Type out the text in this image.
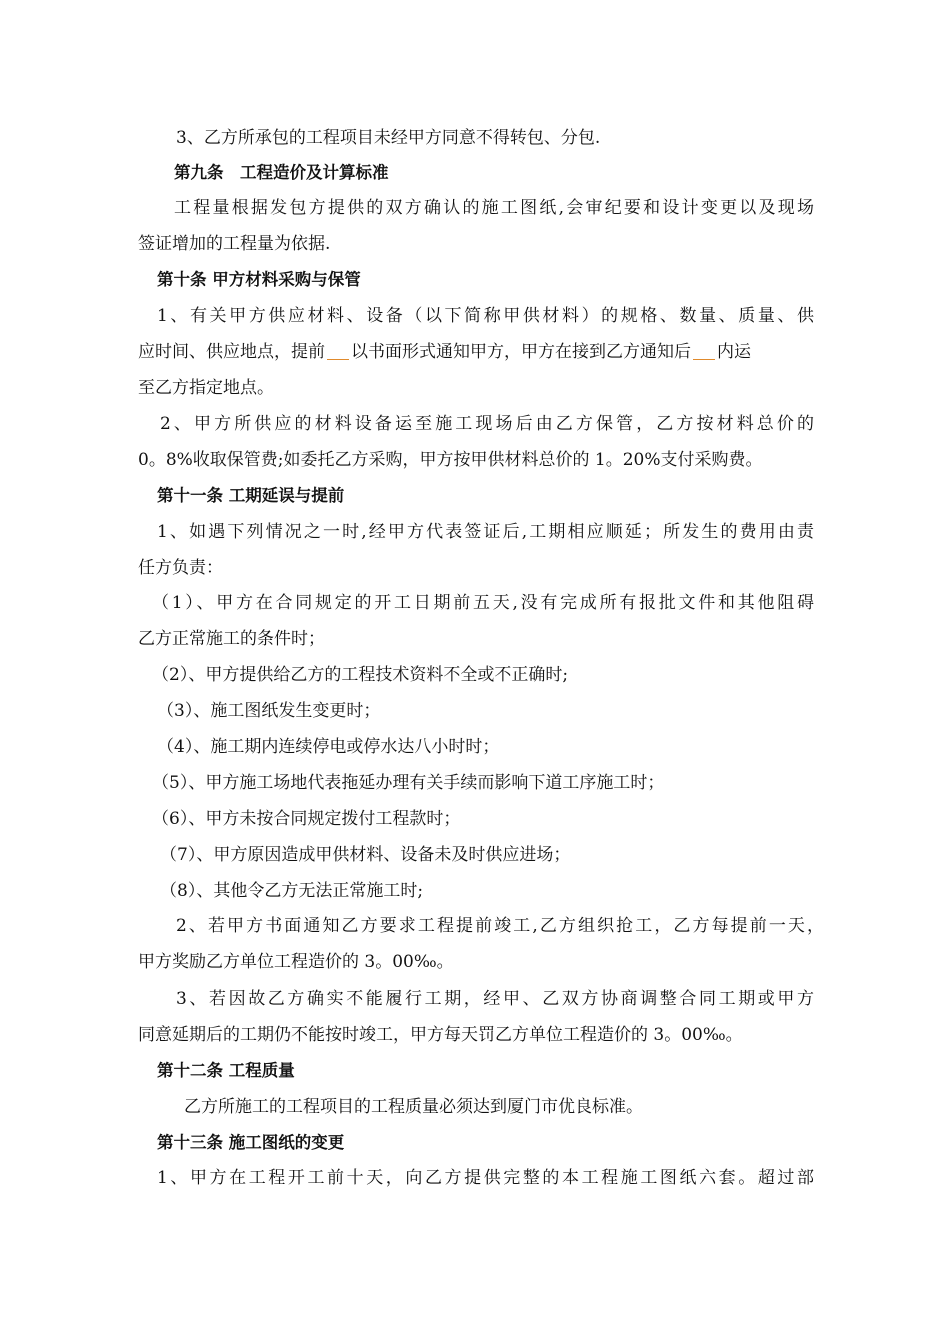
3、乙方所承包的工程项目未经甲方同意不得转包、分包.
第九条　工程造价及计算标准
工程量根据发包方提供的双方确认的施工图纸,会审纪要和设计变更以及现场
签证增加的工程量为依据.
第十条 甲方材料采购与保管
1、有关甲方供应材料、设备（以下简称甲供材料）的规格、数量、质量、供
应时间、供应地点，提前 以书面形式通知甲方，甲方在接到乙方通知后 内运
至乙方指定地点。
2、甲方所供应的材料设备运至施工现场后由乙方保管，乙方按材料总价的
0。8%收取保管费;如委托乙方采购，甲方按甲供材料总价的 1。20%支付采购费。
第十一条 工期延误与提前
1、如遇下列情况之一时,经甲方代表签证后,工期相应顺延；所发生的费用由责
任方负责：
（1）、甲方在合同规定的开工日期前五天,没有完成所有报批文件和其他阻碍
乙方正常施工的条件时；
（2）、甲方提供给乙方的工程技术资料不全或不正确时;
（3）、施工图纸发生变更时；
（4）、施工期内连续停电或停水达八小时时；
（5）、甲方施工场地代表拖延办理有关手续而影响下道工序施工时；
（6）、甲方未按合同规定拨付工程款时；
（7）、甲方原因造成甲供材料、设备未及时供应进场；
（8）、其他令乙方无法正常施工时;
2、若甲方书面通知乙方要求工程提前竣工,乙方组织抢工，乙方每提前一天，
甲方奖励乙方单位工程造价的 3。00‰。
3、若因故乙方确实不能履行工期，经甲、乙双方协商调整合同工期或甲方
同意延期后的工期仍不能按时竣工，甲方每天罚乙方单位工程造价的 3。00‰。
第十二条 工程质量
乙方所施工的工程项目的工程质量必须达到厦门市优良标准。
第十三条 施工图纸的变更
1、甲方在工程开工前十天，向乙方提供完整的本工程施工图纸六套。超过部
